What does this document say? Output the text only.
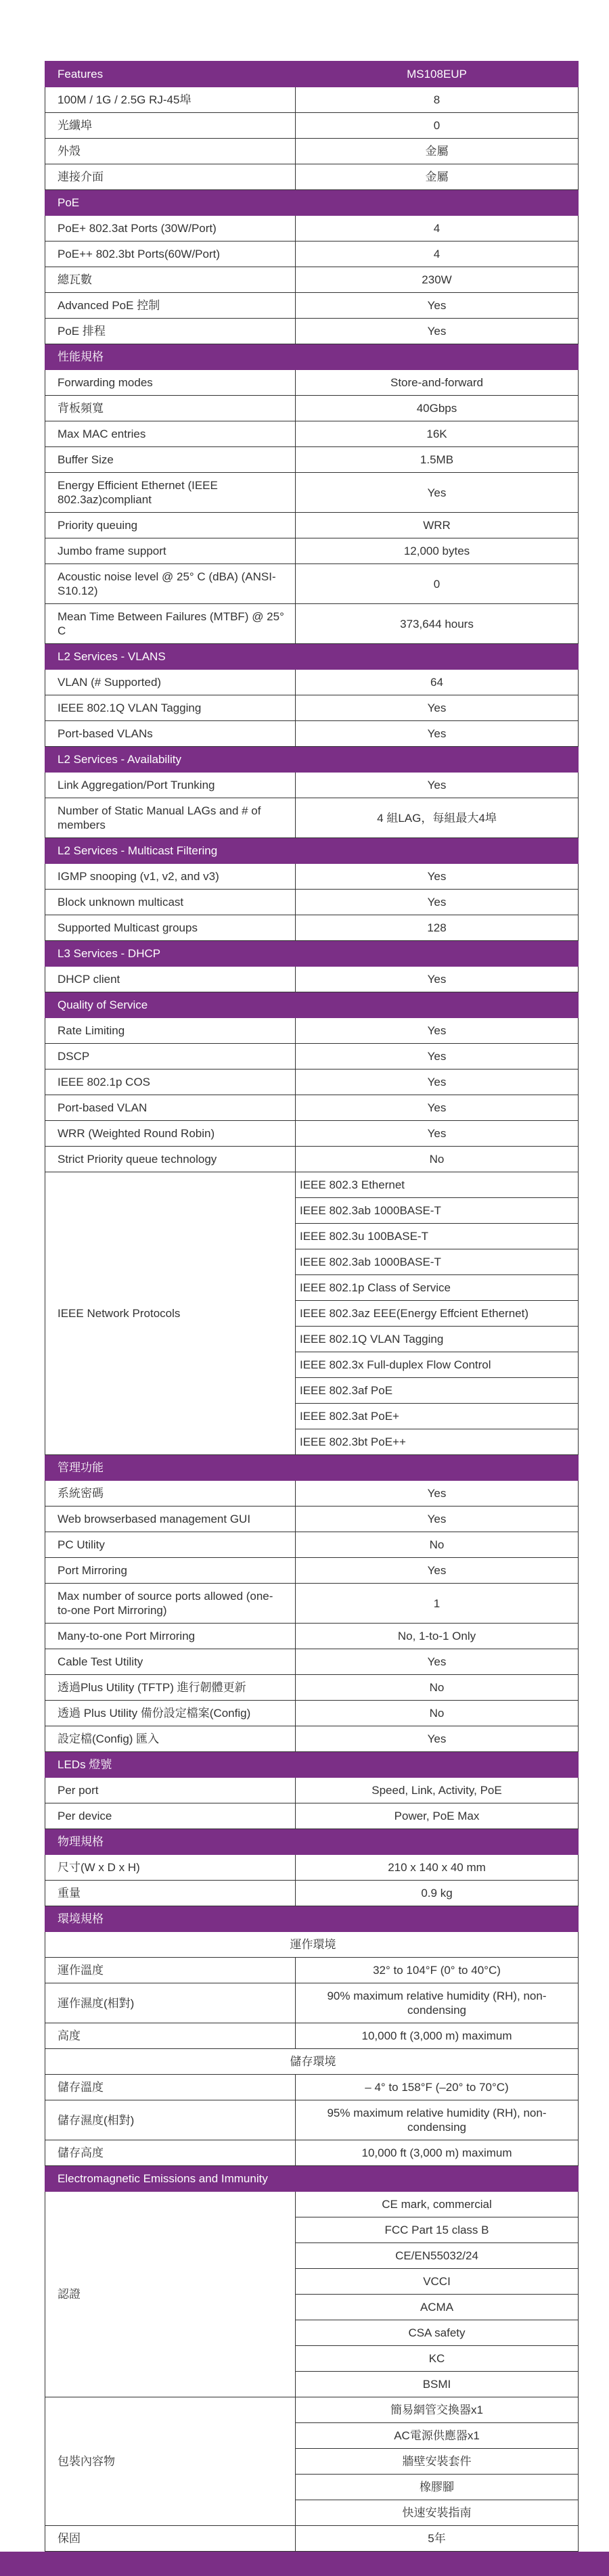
Features	MS108EUP
100M / 1G / 2.5G RJ-45埠	8
光纖埠	0
外殼	金屬
連接介面	金屬
PoE	
PoE+ 802.3at Ports (30W/Port)	4
PoE++ 802.3bt Ports(60W/Port)	4
總瓦數	230W
Advanced PoE 控制	Yes
PoE 排程	Yes
性能規格	
Forwarding modes	Store-and-forward
背板頻寬	40Gbps
Max MAC entries	16K
Buffer Size	1.5MB
Energy Efficient Ethernet (IEEE 802.3az)compliant	Yes
Priority queuing	WRR
Jumbo frame support	12,000 bytes
Acoustic noise level @ 25° C (dBA) (ANSI-S10.12)	0
Mean Time Between Failures (MTBF) @ 25° C	373,644 hours
L2 Services - VLANS	
VLAN (# Supported)	64
IEEE 802.1Q VLAN Tagging	Yes
Port-based VLANs	Yes
L2 Services - Availability	
Link Aggregation/Port Trunking	Yes
Number of Static Manual LAGs and # of members	4 組LAG，每組最大4埠
L2 Services - Multicast Filtering	
IGMP snooping (v1, v2, and v3)	Yes
Block unknown multicast	Yes
Supported Multicast groups	128
L3 Services - DHCP	
DHCP client	Yes
Quality of Service	
Rate Limiting	Yes
DSCP	Yes
IEEE 802.1p COS	Yes
Port-based VLAN	Yes
WRR (Weighted Round Robin)	Yes
Strict Priority queue technology	No
IEEE Network Protocols	IEEE 802.3 Ethernet
	IEEE 802.3ab 1000BASE-T
	IEEE 802.3u 100BASE-T
	IEEE 802.3ab 1000BASE-T
	IEEE 802.1p Class of Service
	IEEE 802.3az EEE(Energy Effcient Ethernet)
	IEEE 802.1Q VLAN Tagging
	IEEE 802.3x Full-duplex Flow Control
	IEEE 802.3af PoE
	IEEE 802.3at PoE+
	IEEE 802.3bt PoE++
管理功能	
系統密碼	Yes
Web browserbased management GUI	Yes
PC Utility	No
Port Mirroring	Yes
Max number of source ports allowed (one-to-one Port Mirroring)	1
Many-to-one Port Mirroring	No, 1-to-1 Only
Cable Test Utility	Yes
透過Plus Utility (TFTP) 進行韌體更新	No
透過 Plus Utility 備份設定檔案(Config)	No
設定檔(Config) 匯入	Yes
LEDs 燈號	
Per port	Speed, Link, Activity, PoE
Per device	Power, PoE Max
物理規格	
尺寸(W x D x H)	210 x 140 x 40 mm
重量	0.9 kg
環境規格	
運作環境	
運作溫度	32° to 104°F (0° to 40°C)
運作濕度(相對)	90% maximum relative humidity (RH), non-condensing
高度	10,000 ft (3,000 m) maximum
儲存環境	
儲存溫度	– 4° to 158°F (–20° to 70°C)
儲存濕度(相對)	95% maximum relative humidity (RH), non-condensing
儲存高度	10,000 ft (3,000 m) maximum
Electromagnetic Emissions and Immunity	
認證	CE mark, commercial
	FCC Part 15 class B
	CE/EN55032/24
	VCCI
	ACMA
	CSA safety
	KC
	BSMI
包裝內容物	簡易網管交換器x1
	AC電源供應器x1
	牆壁安裝套件
	橡膠腳
	快速安裝指南
保固	5年
